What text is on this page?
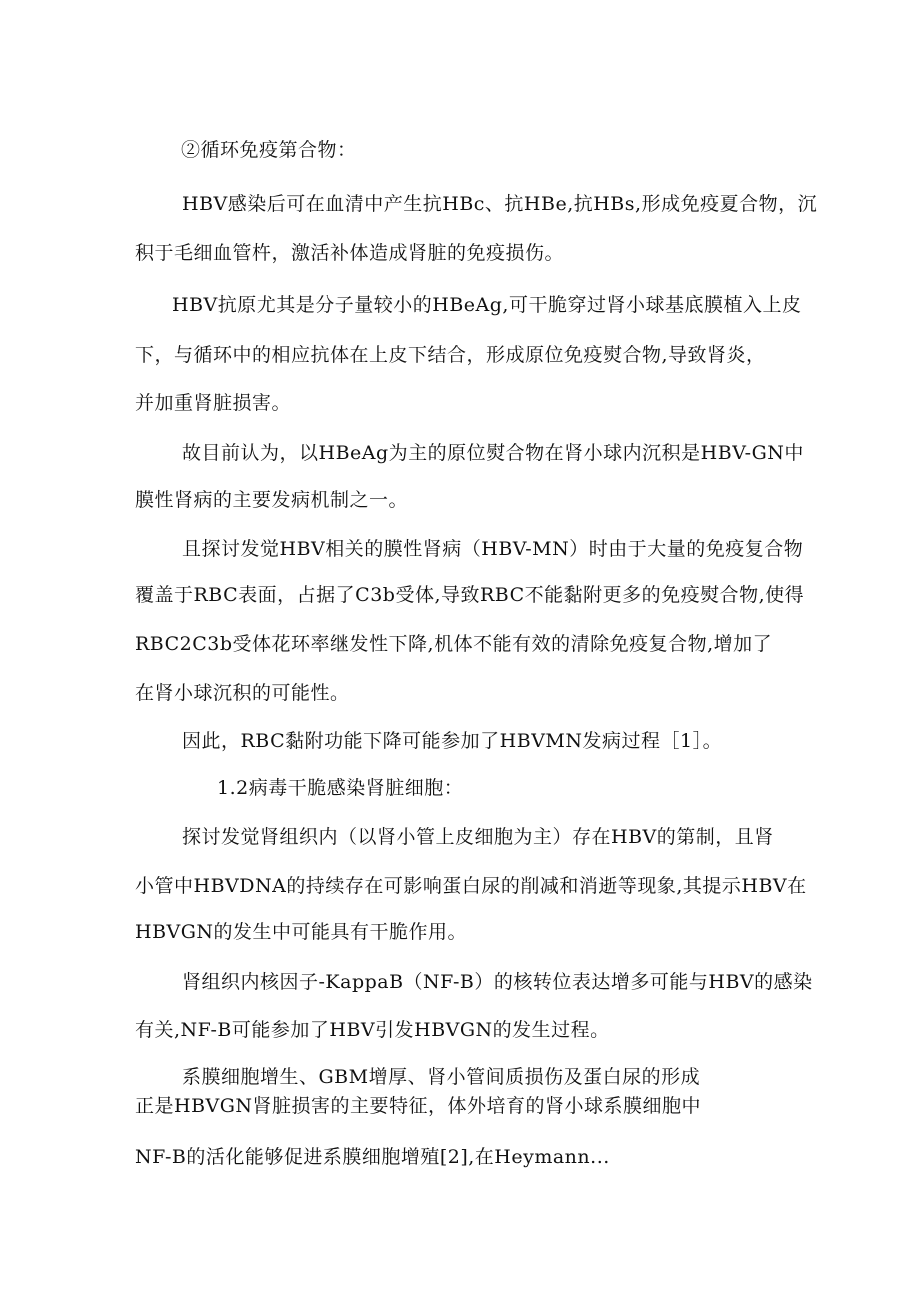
②循环免疫第合物：
HBV感染后可在血清中产生抗HBc、抗HBe,抗HBs,形成免疫夏合物，沉
积于毛细血管杵，激活补体造成肾脏的免疫损伤。
HBV抗原尤其是分子量较小的HBeAg,可干脆穿过肾小球基底膜植入上皮
下，与循环中的相应抗体在上皮下结合，形成原位免疫熨合物,导致肾炎，
并加重肾脏损害。
故目前认为，以HBeAg为主的原位熨合物在肾小球内沉积是HBV-GN中
膜性肾病的主要发病机制之一。
且探讨发觉HBV相关的膜性肾病（HBV-MN）时由于大量的免疫复合物
覆盖于RBC表面，占据了C3b受体,导致RBC不能黏附更多的免疫熨合物,使得
RBC2C3b受体花环率继发性下降,机体不能有效的清除免疫复合物,增加了
在肾小球沉积的可能性。
因此，RBC黏附功能下降可能参加了HBVMN发病过程［1］。
1.2病毒干脆感染肾脏细胞：
探讨发觉肾组织内（以肾小管上皮细胞为主）存在HBV的第制，且肾
小管中HBVDNA的持续存在可影响蛋白尿的削减和消逝等现象,其提示HBV在
HBVGN的发生中可能具有干脆作用。
肾组织内核因子-KappaB（NF-B）的核转位表达增多可能与HBV的感染
有关,NF-B可能参加了HBV引发HBVGN的发生过程。
系膜细胞增生、GBM增厚、肾小管间质损伤及蛋白尿的形成
正是HBVGN肾脏损害的主要特征，体外培育的肾小球系膜细胞中
NF-B的活化能够促进系膜细胞增殖[2],在Heymann...
